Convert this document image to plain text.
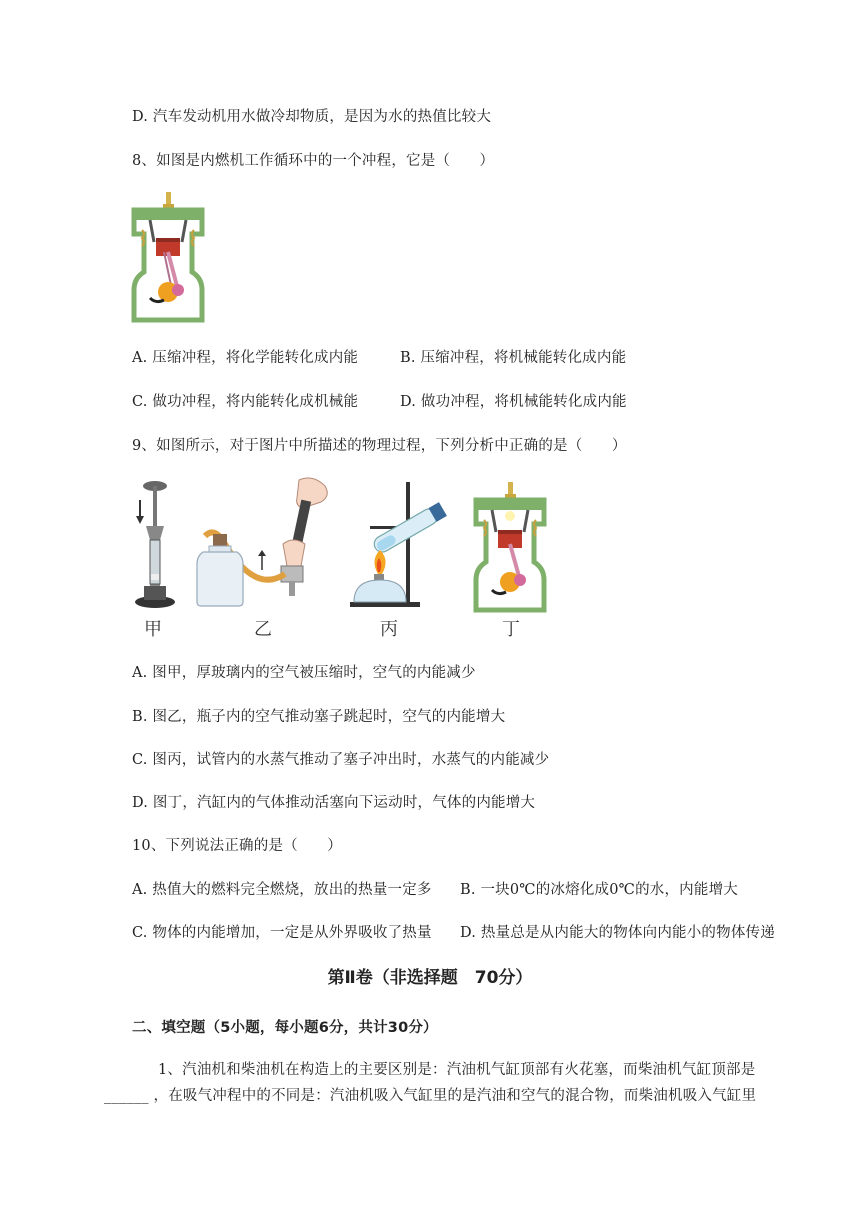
D. 汽车发动机用水做冷却物质，是因为水的热值比较大
8、如图是内燃机工作循环中的一个冲程，它是（　　）
A. 压缩冲程，将化学能转化成内能	B. 压缩冲程，将机械能转化成内能
C. 做功冲程，将内能转化成机械能	D. 做功冲程，将机械能转化成内能
9、如图所示，对于图片中所描述的物理过程，下列分析中正确的是（　　）
甲	乙	丙	丁
A. 图甲，厚玻璃内的空气被压缩时，空气的内能减少
B. 图乙，瓶子内的空气推动塞子跳起时，空气的内能增大
C. 图丙，试管内的水蒸气推动了塞子冲出时，水蒸气的内能减少
D. 图丁，汽缸内的气体推动活塞向下运动时，气体的内能增大
10、下列说法正确的是（　　）
A. 热值大的燃料完全燃烧，放出的热量一定多 B. 一块0℃的冰熔化成0℃的水，内能增大
C. 物体的内能增加，一定是从外界吸收了热量 D. 热量总是从内能大的物体向内能小的物体传递
第Ⅱ卷（非选择题　70分）
二、填空题（5小题，每小题6分，共计30分）
1、汽油机和柴油机在构造上的主要区别是：汽油机气缸顶部有火花塞，而柴油机气缸顶部是
______ ，在吸气冲程中的不同是：汽油机吸入气缸里的是汽油和空气的混合物，而柴油机吸入气缸里
